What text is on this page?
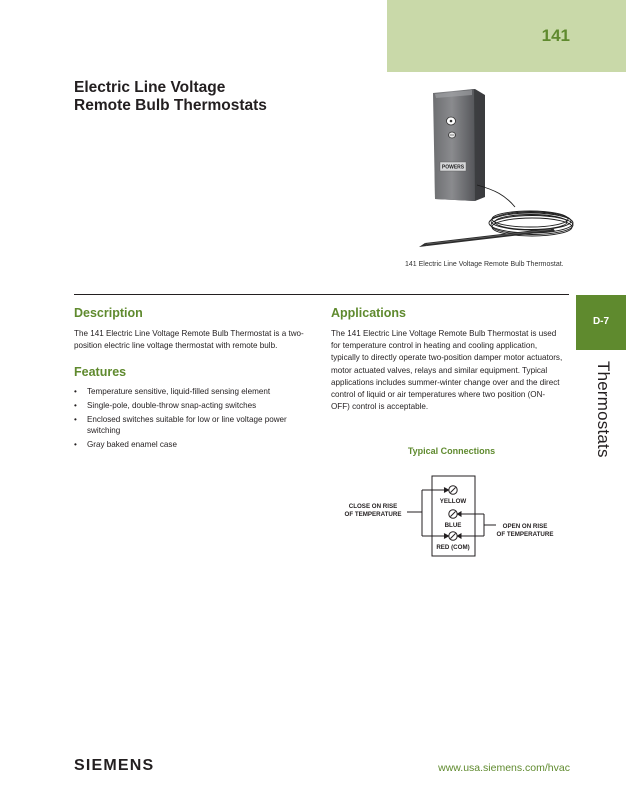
141
Electric Line Voltage
Remote Bulb Thermostats
POWERS
141 Electric Line Voltage Remote Bulb Thermostat.
D-7
Thermostats
Description

The 141 Electric Line Voltage Remote Bulb Thermostat is a two-position electric line voltage thermostat with remote bulb.

Features
• Temperature sensitive, liquid-filled sensing element
• Single-pole, double-throw snap-acting switches
• Enclosed switches suitable for low or line voltage power switching
• Gray baked enamel case
Applications

The 141 Electric Line Voltage Remote Bulb Thermostat is used for temperature control in heating and cooling application, typically to directly operate two-position damper motor actuators, motor actuated valves, relays and similar equipment. Typical applications includes summer-winter change over and the direct control of liquid or air temperatures where two position (ON-OFF) control is acceptable.

Typical Connections
CLOSE ON RISE
OF TEMPERATURE
OPEN ON RISE
OF TEMPERATURE
YELLOW
BLUE
RED (COM)
SIEMENS	www.usa.siemens.com/hvac
